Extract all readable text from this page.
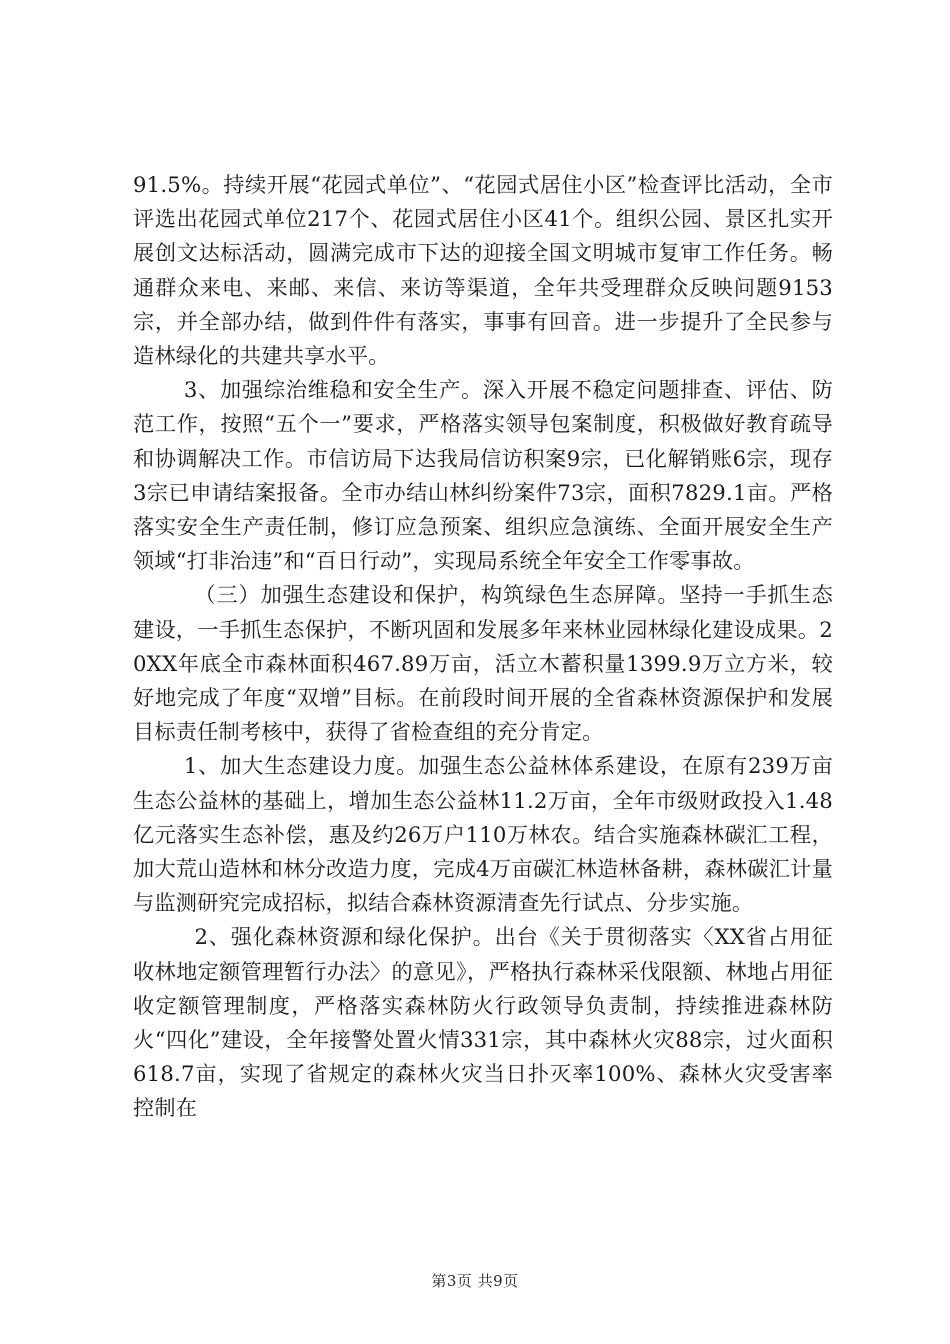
91.5%。持续开展“花园式单位”、“花园式居住小区”检查评比活动，全市评选出花园式单位217个、花园式居住小区41个。组织公园、景区扎实开展创文达标活动，圆满完成市下达的迎接全国文明城市复审工作任务。畅通群众来电、来邮、来信、来访等渠道，全年共受理群众反映问题9153宗，并全部办结，做到件件有落实，事事有回音。进一步提升了全民参与造林绿化的共建共享水平。

3、加强综治维稳和安全生产。深入开展不稳定问题排查、评估、防范工作，按照“五个一”要求，严格落实领导包案制度，积极做好教育疏导和协调解决工作。市信访局下达我局信访积案9宗，已化解销账6宗，现存3宗已申请结案报备。全市办结山林纠纷案件73宗，面积7829.1亩。严格落实安全生产责任制，修订应急预案、组织应急演练、全面开展安全生产领域“打非治违”和“百日行动”，实现局系统全年安全工作零事故。

（三）加强生态建设和保护，构筑绿色生态屏障。坚持一手抓生态建设，一手抓生态保护，不断巩固和发展多年来林业园林绿化建设成果。20XX年底全市森林面积467.89万亩，活立木蓄积量1399.9万立方米，较好地完成了年度“双增”目标。在前段时间开展的全省森林资源保护和发展目标责任制考核中，获得了省检查组的充分肯定。

1、加大生态建设力度。加强生态公益林体系建设，在原有239万亩生态公益林的基础上，增加生态公益林11.2万亩，全年市级财政投入1.48亿元落实生态补偿，惠及约26万户110万林农。结合实施森林碳汇工程，加大荒山造林和林分改造力度，完成4万亩碳汇林造林备耕，森林碳汇计量与监测研究完成招标，拟结合森林资源清查先行试点、分步实施。

2、强化森林资源和绿化保护。出台《关于贯彻落实〈XX省占用征收林地定额管理暂行办法〉的意见》，严格执行森林采伐限额、林地占用征收定额管理制度，严格落实森林防火行政领导负责制，持续推进森林防火“四化”建设，全年接警处置火情331宗，其中森林火灾88宗，过火面积618.7亩，实现了省规定的森林火灾当日扑灭率100%、森林火灾受害率控制在

第3页 共9页
